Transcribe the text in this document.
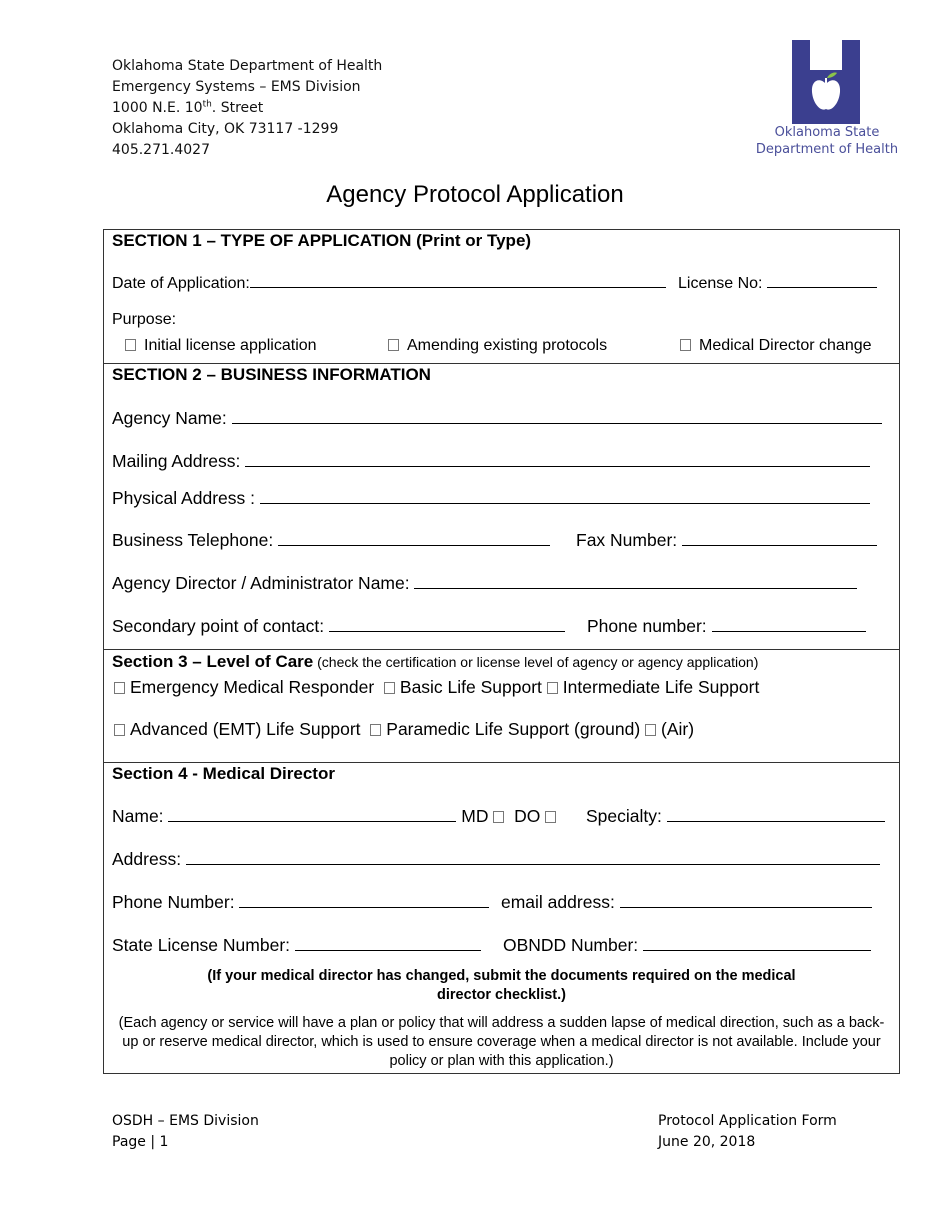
Oklahoma State Department of Health
Emergency Systems – EMS Division
1000 N.E. 10th. Street
Oklahoma City, OK 73117 -1299
405.271.4027
Oklahoma State
Department of Health
Agency Protocol Application
SECTION 1 – TYPE OF APPLICATION (Print or Type)
Date of Application:	License No:
Purpose:
Initial license application	Amending existing protocols	Medical Director change
SECTION 2 – BUSINESS INFORMATION
Agency Name:
Mailing Address:
Physical Address :
Business Telephone:	Fax Number:
Agency Director / Administrator Name:
Secondary point of contact:	Phone number:
Section 3 – Level of Care (check the certification or license level of agency or agency application)
Emergency Medical Responder Basic Life Support Intermediate Life Support
Advanced (EMT) Life Support Paramedic Life Support (ground) (Air)
Section 4 - Medical Director
Name:	MD DO	Specialty:
Address:
Phone Number:	email address:
State License Number:	OBNDD Number:
(If your medical director has changed, submit the documents required on the medical director checklist.)
(Each agency or service will have a plan or policy that will address a sudden lapse of medical direction, such as a back-up or reserve medical director, which is used to ensure coverage when a medical director is not available. Include your policy or plan with this application.)
OSDH – EMS Division
Page | 1
Protocol Application Form
June 20, 2018
